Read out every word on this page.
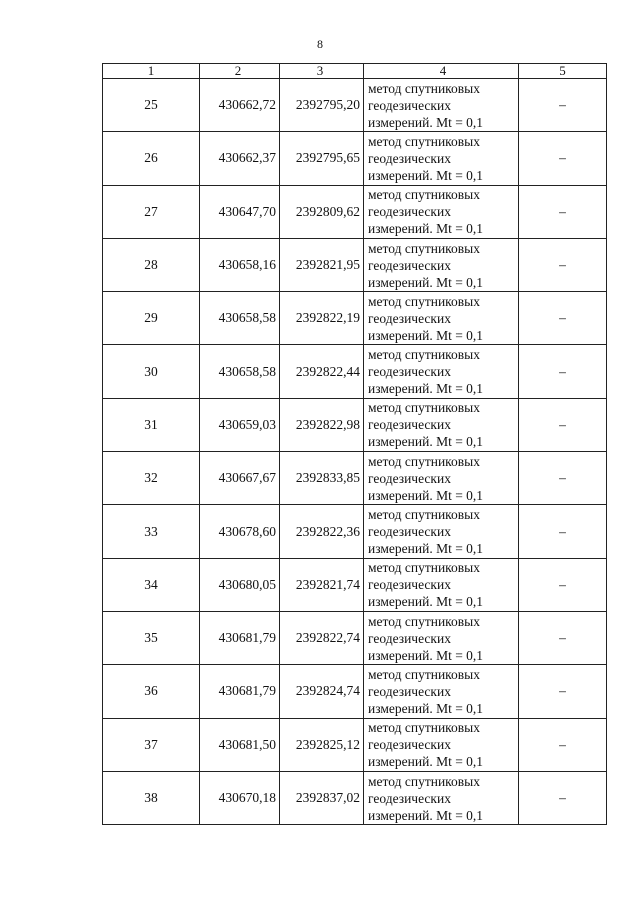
8
1	2	3	4	5
25	430662,72	2392795,20	метод спутниковых
геодезических
измерений. Mt = 0,1	–
26	430662,37	2392795,65	метод спутниковых
геодезических
измерений. Mt = 0,1	–
27	430647,70	2392809,62	метод спутниковых
геодезических
измерений. Mt = 0,1	–
28	430658,16	2392821,95	метод спутниковых
геодезических
измерений. Mt = 0,1	–
29	430658,58	2392822,19	метод спутниковых
геодезических
измерений. Mt = 0,1	–
30	430658,58	2392822,44	метод спутниковых
геодезических
измерений. Mt = 0,1	–
31	430659,03	2392822,98	метод спутниковых
геодезических
измерений. Mt = 0,1	–
32	430667,67	2392833,85	метод спутниковых
геодезических
измерений. Mt = 0,1	–
33	430678,60	2392822,36	метод спутниковых
геодезических
измерений. Mt = 0,1	–
34	430680,05	2392821,74	метод спутниковых
геодезических
измерений. Mt = 0,1	–
35	430681,79	2392822,74	метод спутниковых
геодезических
измерений. Mt = 0,1	–
36	430681,79	2392824,74	метод спутниковых
геодезических
измерений. Mt = 0,1	–
37	430681,50	2392825,12	метод спутниковых
геодезических
измерений. Mt = 0,1	–
38	430670,18	2392837,02	метод спутниковых
геодезических
измерений. Mt = 0,1	–
